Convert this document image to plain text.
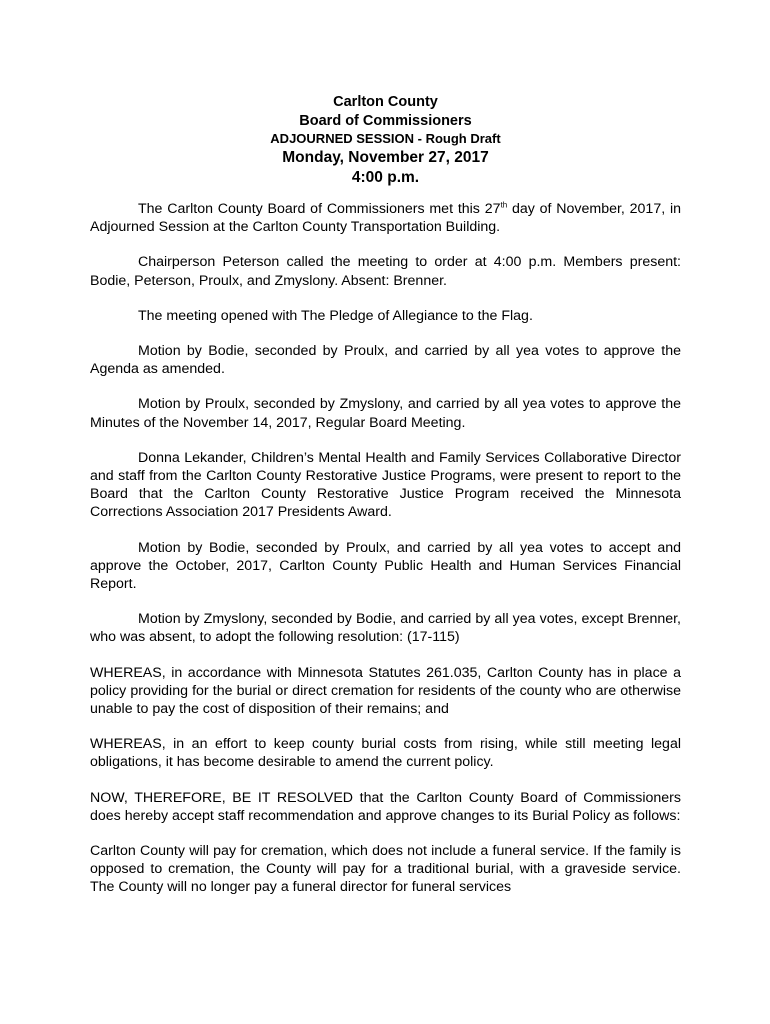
Carlton County
Board of Commissioners
ADJOURNED SESSION - Rough Draft
Monday, November 27, 2017
4:00 p.m.

The Carlton County Board of Commissioners met this 27th day of November, 2017, in Adjourned Session at the Carlton County Transportation Building.

Chairperson Peterson called the meeting to order at 4:00 p.m. Members present: Bodie, Peterson, Proulx, and Zmyslony. Absent: Brenner.

The meeting opened with The Pledge of Allegiance to the Flag.

Motion by Bodie, seconded by Proulx, and carried by all yea votes to approve the Agenda as amended.

Motion by Proulx, seconded by Zmyslony, and carried by all yea votes to approve the Minutes of the November 14, 2017, Regular Board Meeting.

Donna Lekander, Children’s Mental Health and Family Services Collaborative Director and staff from the Carlton County Restorative Justice Programs, were present to report to the Board that the Carlton County Restorative Justice Program received the Minnesota Corrections Association 2017 Presidents Award.

Motion by Bodie, seconded by Proulx, and carried by all yea votes to accept and approve the October, 2017, Carlton County Public Health and Human Services Financial Report.

Motion by Zmyslony, seconded by Bodie, and carried by all yea votes, except Brenner, who was absent, to adopt the following resolution: (17-115)

WHEREAS, in accordance with Minnesota Statutes 261.035, Carlton County has in place a policy providing for the burial or direct cremation for residents of the county who are otherwise unable to pay the cost of disposition of their remains; and

WHEREAS, in an effort to keep county burial costs from rising, while still meeting legal obligations, it has become desirable to amend the current policy.

NOW, THEREFORE, BE IT RESOLVED that the Carlton County Board of Commissioners does hereby accept staff recommendation and approve changes to its Burial Policy as follows:

Carlton County will pay for cremation, which does not include a funeral service. If the family is opposed to cremation, the County will pay for a traditional burial, with a graveside service. The County will no longer pay a funeral director for funeral services
